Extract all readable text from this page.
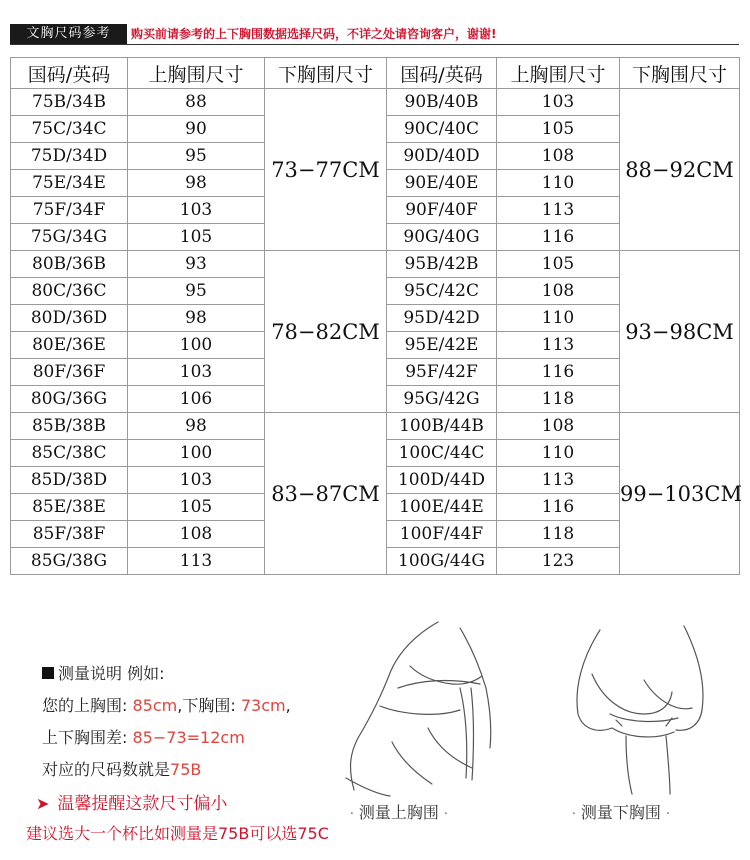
文胸尺码参考	购买前请参考的上下胸围数据选择尺码，不详之处请咨询客户，谢谢!
国码/英码	上胸围尺寸	下胸围尺寸	国码/英码	上胸围尺寸	下胸围尺寸
75B/34B	88	73−77CM	90B/40B	103	88−92CM
75C/34C	90		90C/40C	105	
75D/34D	95		90D/40D	108	
75E/34E	98		90E/40E	110	
75F/34F	103		90F/40F	113	
75G/34G	105		90G/40G	116	
80B/36B	93	78−82CM	95B/42B	105	93−98CM
80C/36C	95		95C/42C	108	
80D/36D	98		95D/42D	110	
80E/36E	100		95E/42E	113	
80F/36F	103		95F/42F	116	
80G/36G	106		95G/42G	118	
85B/38B	98	83−87CM	100B/44B	108	99−103CM
85C/38C	100		100C/44C	110	
85D/38D	103		100D/44D	113	
85E/38E	105		100E/44E	116	
85F/38F	108		100F/44F	118	
85G/38G	113		100G/44G	123	
测量说明 例如:
您的上胸围: 85cm,下胸围: 73cm,
上下胸围差: 85−73=12cm
对应的尺码数就是75B
➤ 温馨提醒这款尺寸偏小
建议选大一个杯比如测量是75B可以选75C
‧ 测量上胸围 ‧	‧ 测量下胸围 ‧
